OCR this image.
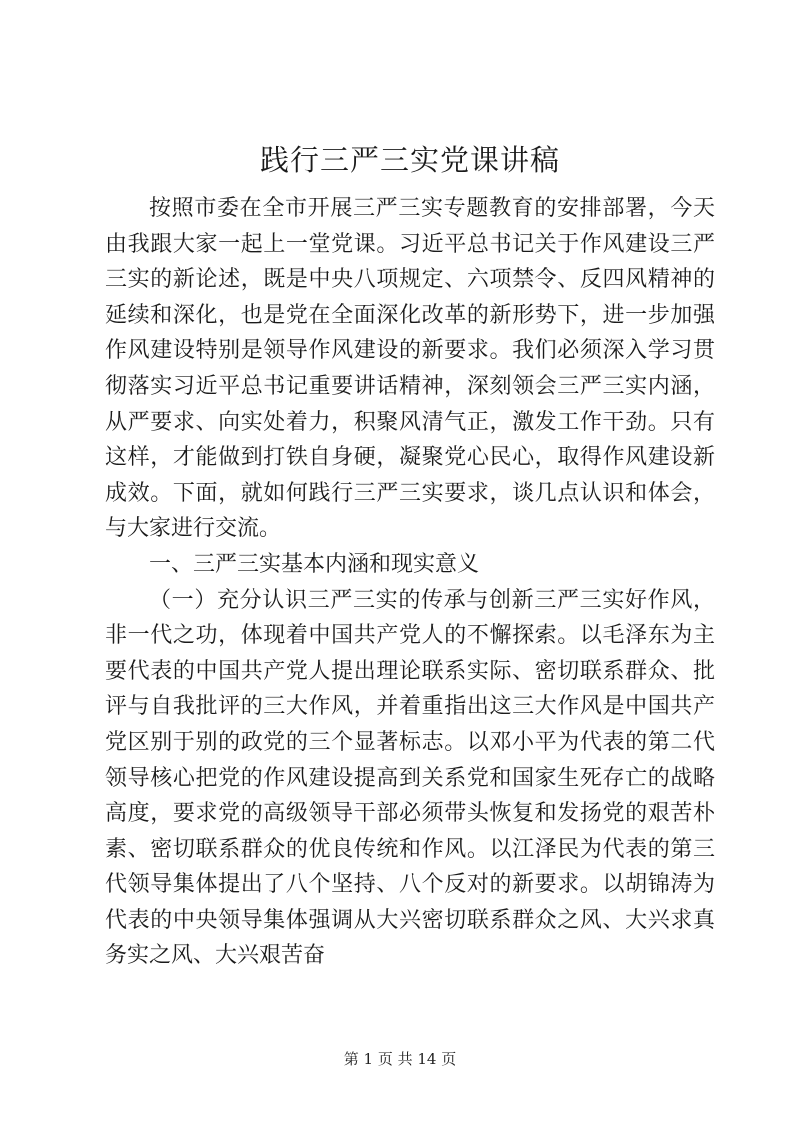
践行三严三实党课讲稿

按照市委在全市开展三严三实专题教育的安排部署，今天由我跟大家一起上一堂党课。习近平总书记关于作风建设三严三实的新论述，既是中央八项规定、六项禁令、反四风精神的延续和深化，也是党在全面深化改革的新形势下，进一步加强作风建设特别是领导作风建设的新要求。我们必须深入学习贯彻落实习近平总书记重要讲话精神，深刻领会三严三实内涵，从严要求、向实处着力，积聚风清气正，激发工作干劲。只有这样，才能做到打铁自身硬，凝聚党心民心，取得作风建设新成效。下面，就如何践行三严三实要求，谈几点认识和体会，与大家进行交流。

一、三严三实基本内涵和现实意义

（一）充分认识三严三实的传承与创新三严三实好作风，非一代之功，体现着中国共产党人的不懈探索。以毛泽东为主要代表的中国共产党人提出理论联系实际、密切联系群众、批评与自我批评的三大作风，并着重指出这三大作风是中国共产党区别于别的政党的三个显著标志。以邓小平为代表的第二代领导核心把党的作风建设提高到关系党和国家生死存亡的战略高度，要求党的高级领导干部必须带头恢复和发扬党的艰苦朴素、密切联系群众的优良传统和作风。以江泽民为代表的第三代领导集体提出了八个坚持、八个反对的新要求。以胡锦涛为代表的中央领导集体强调从大兴密切联系群众之风、大兴求真务实之风、大兴艰苦奋

第 1 页 共 14 页
